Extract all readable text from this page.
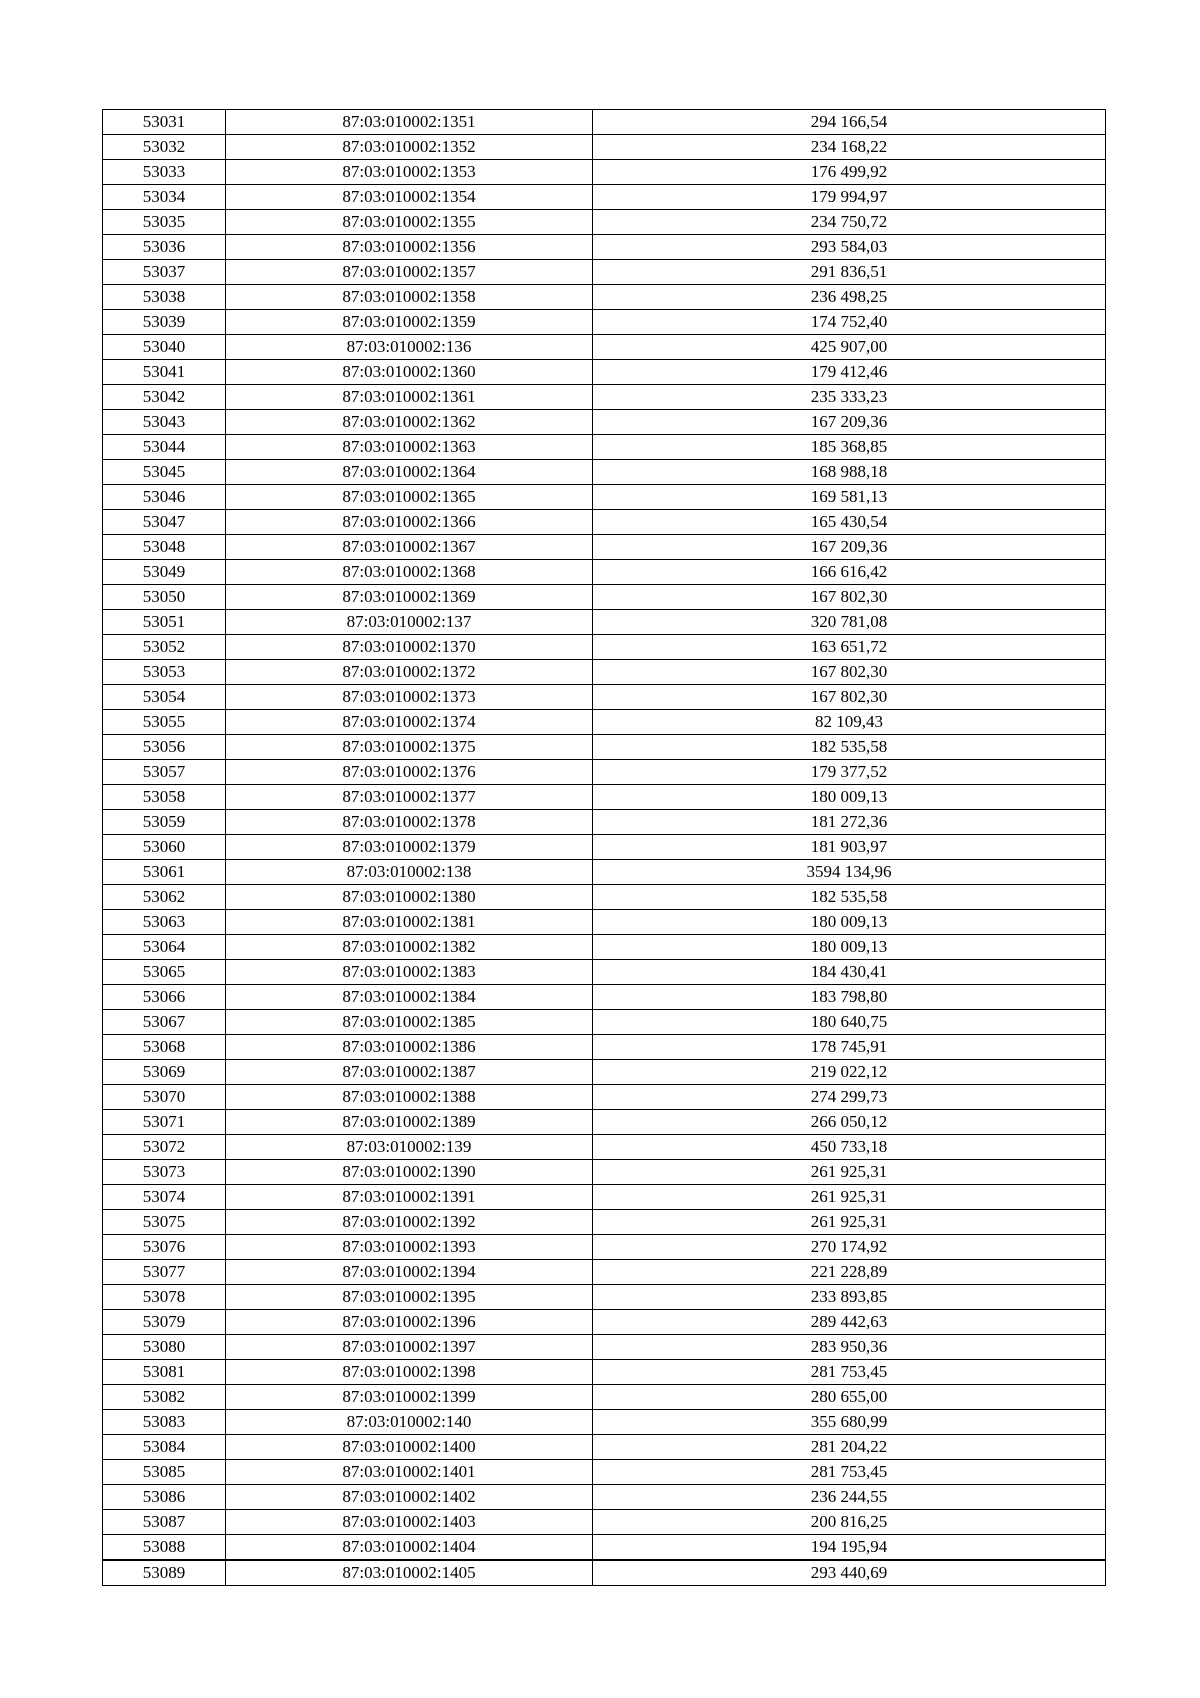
53031	87:03:010002:1351	294 166,54
53032	87:03:010002:1352	234 168,22
53033	87:03:010002:1353	176 499,92
53034	87:03:010002:1354	179 994,97
53035	87:03:010002:1355	234 750,72
53036	87:03:010002:1356	293 584,03
53037	87:03:010002:1357	291 836,51
53038	87:03:010002:1358	236 498,25
53039	87:03:010002:1359	174 752,40
53040	87:03:010002:136	425 907,00
53041	87:03:010002:1360	179 412,46
53042	87:03:010002:1361	235 333,23
53043	87:03:010002:1362	167 209,36
53044	87:03:010002:1363	185 368,85
53045	87:03:010002:1364	168 988,18
53046	87:03:010002:1365	169 581,13
53047	87:03:010002:1366	165 430,54
53048	87:03:010002:1367	167 209,36
53049	87:03:010002:1368	166 616,42
53050	87:03:010002:1369	167 802,30
53051	87:03:010002:137	320 781,08
53052	87:03:010002:1370	163 651,72
53053	87:03:010002:1372	167 802,30
53054	87:03:010002:1373	167 802,30
53055	87:03:010002:1374	82 109,43
53056	87:03:010002:1375	182 535,58
53057	87:03:010002:1376	179 377,52
53058	87:03:010002:1377	180 009,13
53059	87:03:010002:1378	181 272,36
53060	87:03:010002:1379	181 903,97
53061	87:03:010002:138	3594 134,96
53062	87:03:010002:1380	182 535,58
53063	87:03:010002:1381	180 009,13
53064	87:03:010002:1382	180 009,13
53065	87:03:010002:1383	184 430,41
53066	87:03:010002:1384	183 798,80
53067	87:03:010002:1385	180 640,75
53068	87:03:010002:1386	178 745,91
53069	87:03:010002:1387	219 022,12
53070	87:03:010002:1388	274 299,73
53071	87:03:010002:1389	266 050,12
53072	87:03:010002:139	450 733,18
53073	87:03:010002:1390	261 925,31
53074	87:03:010002:1391	261 925,31
53075	87:03:010002:1392	261 925,31
53076	87:03:010002:1393	270 174,92
53077	87:03:010002:1394	221 228,89
53078	87:03:010002:1395	233 893,85
53079	87:03:010002:1396	289 442,63
53080	87:03:010002:1397	283 950,36
53081	87:03:010002:1398	281 753,45
53082	87:03:010002:1399	280 655,00
53083	87:03:010002:140	355 680,99
53084	87:03:010002:1400	281 204,22
53085	87:03:010002:1401	281 753,45
53086	87:03:010002:1402	236 244,55
53087	87:03:010002:1403	200 816,25
53088	87:03:010002:1404	194 195,94
53089	87:03:010002:1405	293 440,69
